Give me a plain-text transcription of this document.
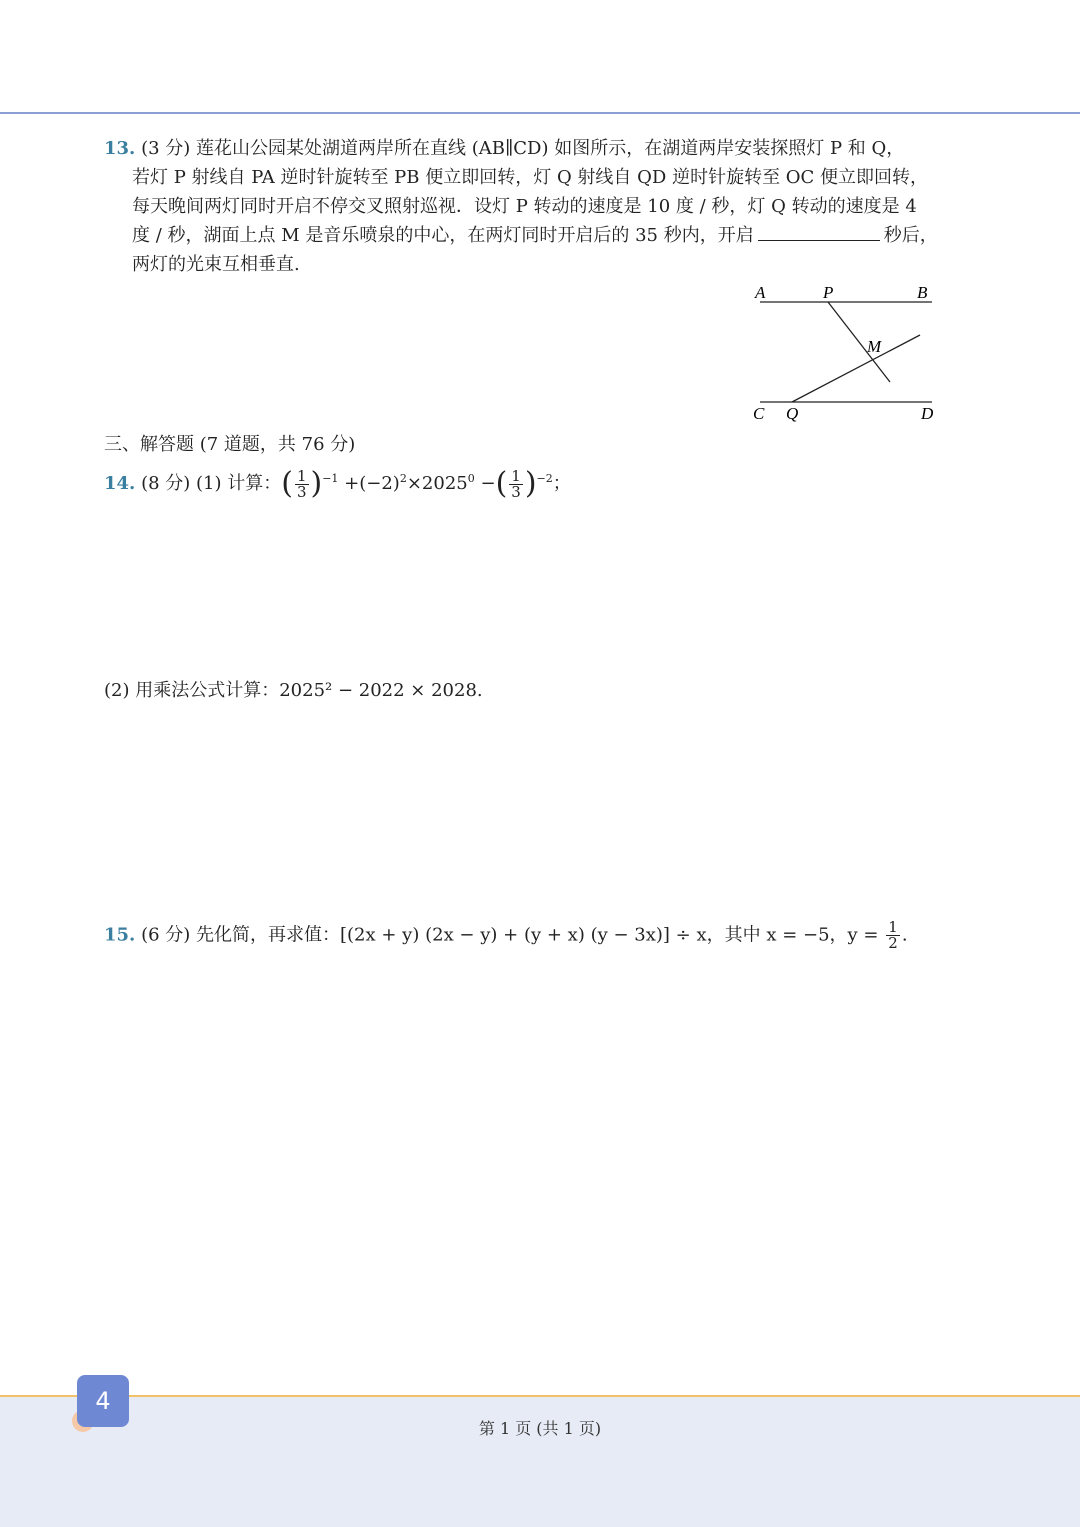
13. (3 分) 莲花山公园某处湖道两岸所在直线 (AB∥CD) 如图所示，在湖道两岸安装探照灯 P 和 Q，
若灯 P 射线自 PA 逆时针旋转至 PB 便立即回转，灯 Q 射线自 QD 逆时针旋转至 OC 便立即回转，
每天晚间两灯同时开启不停交叉照射巡视．设灯 P 转动的速度是 10 度 / 秒，灯 Q 转动的速度是 4
度 / 秒，湖面上点 M 是音乐喷泉的中心，在两灯同时开启后的 35 秒内，开启	秒后，
两灯的光束互相垂直.
A	P	B
M
C Q	D
三、解答题 (7 道题，共 76 分)
14. (8 分) (1) 计算：( $\frac{1}{3} )^{-1} +(-2)^2\times 2025^0$ −( $\frac{1}{3} )^{-2}$；
(2) 用乘法公式计算：2025² − 2022 × 2028.
15. (6 分) 先化简，再求值：[(2x + y) (2x − y) + (y + x) (y − 3x)] ÷ x，其中 x = −5，$y = \frac{1}{2}$ .
4
第 1 页 (共 1 页)
